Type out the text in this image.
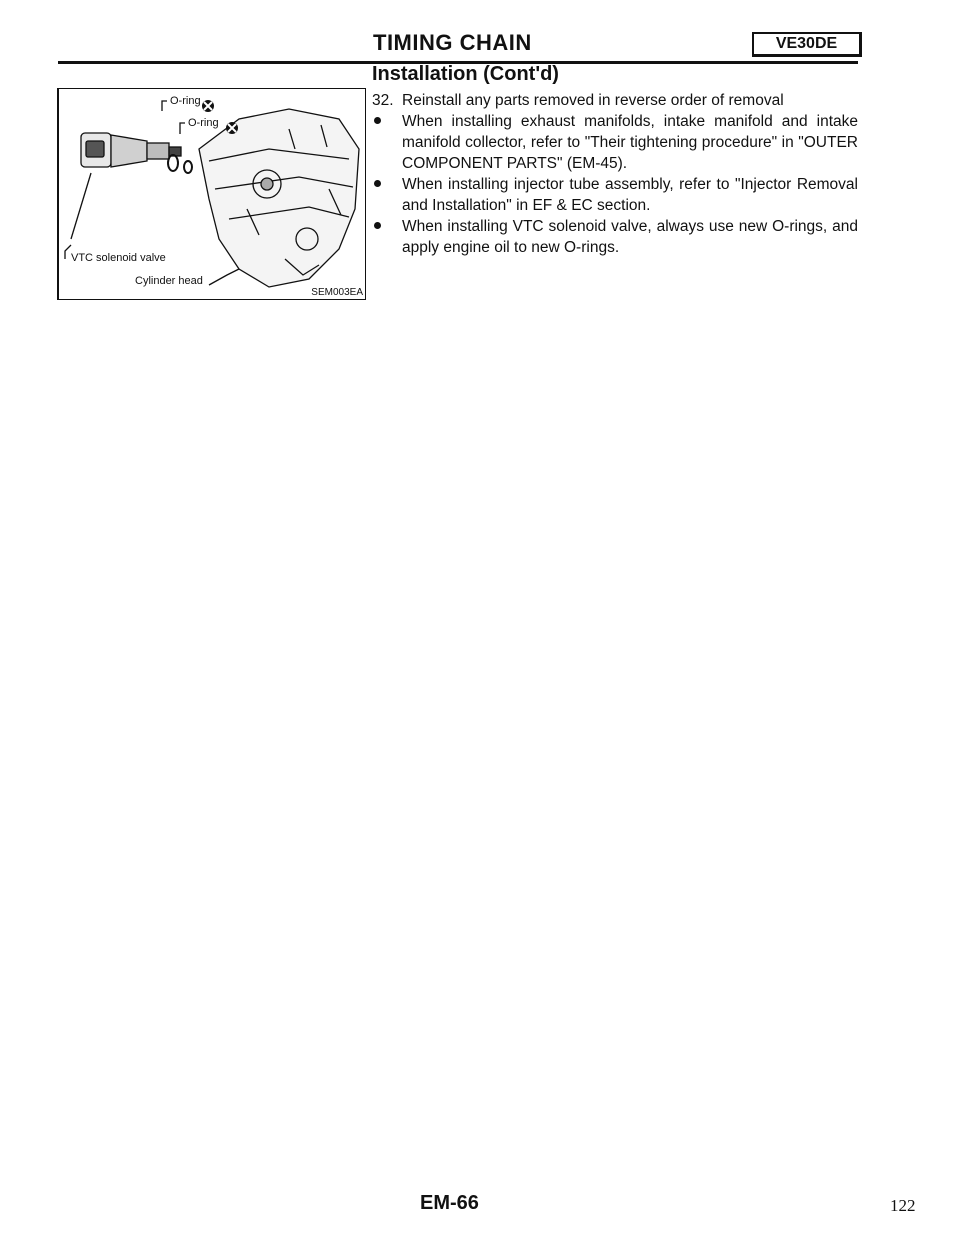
TIMING CHAIN	VE30DE
Installation (Cont'd)
O-ring
O-ring
VTC solenoid valve
Cylinder head
SEM003EA
32. Reinstall any parts removed in reverse order of removal

When installing exhaust manifolds, intake manifold and intake manifold collector, refer to "Their tightening procedure" in "OUTER COMPONENT PARTS" (EM-45).

When installing injector tube assembly, refer to "Injector Removal and Installation" in EF & EC section.

When installing VTC solenoid valve, always use new O-rings, and apply engine oil to new O-rings.

EM-66	122
